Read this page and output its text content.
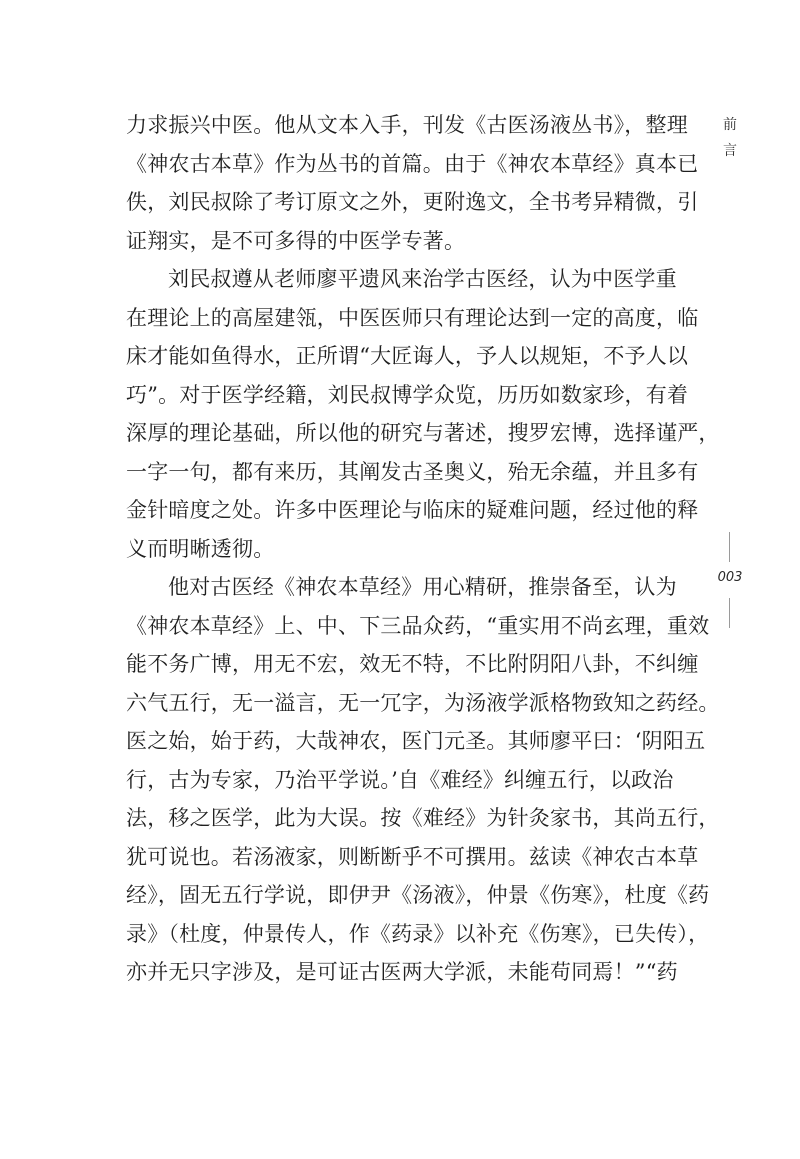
力求振兴中医。他从文本入手，刊发《古医汤液丛书》，整理
《神农古本草》作为丛书的首篇。由于《神农本草经》真本已
佚，刘民叔除了考订原文之外，更附逸文，全书考异精微，引
证翔实，是不可多得的中医学专著。
刘民叔遵从老师廖平遗风来治学古医经，认为中医学重
在理论上的高屋建瓴，中医医师只有理论达到一定的高度，临
床才能如鱼得水，正所谓“大匠诲人，予人以规矩，不予人以
巧”。对于医学经籍，刘民叔博学众览，历历如数家珍，有着
深厚的理论基础，所以他的研究与著述，搜罗宏博，选择谨严，
一字一句，都有来历，其阐发古圣奥义，殆无余蕴，并且多有
金针暗度之处。许多中医理论与临床的疑难问题，经过他的释
义而明晰透彻。
他对古医经《神农本草经》用心精研，推崇备至，认为
《神农本草经》上、中、下三品众药，“重实用不尚玄理，重效
能不务广博，用无不宏，效无不特，不比附阴阳八卦，不纠缠
六气五行，无一溢言，无一冗字，为汤液学派格物致知之药经。
医之始，始于药，大哉神农，医门元圣。其师廖平曰：‘阴阳五
行，古为专家，乃治平学说。’自《难经》纠缠五行，以政治
法，移之医学，此为大误。按《难经》为针灸家书，其尚五行，
犹可说也。若汤液家，则断断乎不可撰用。兹读《神农古本草
经》，固无五行学说，即伊尹《汤液》，仲景《伤寒》，杜度《药
录》（杜度，仲景传人，作《药录》以补充《伤寒》，已失传），
亦并无只字涉及，是可证古医两大学派，未能苟同焉！”“药
前
言
003
